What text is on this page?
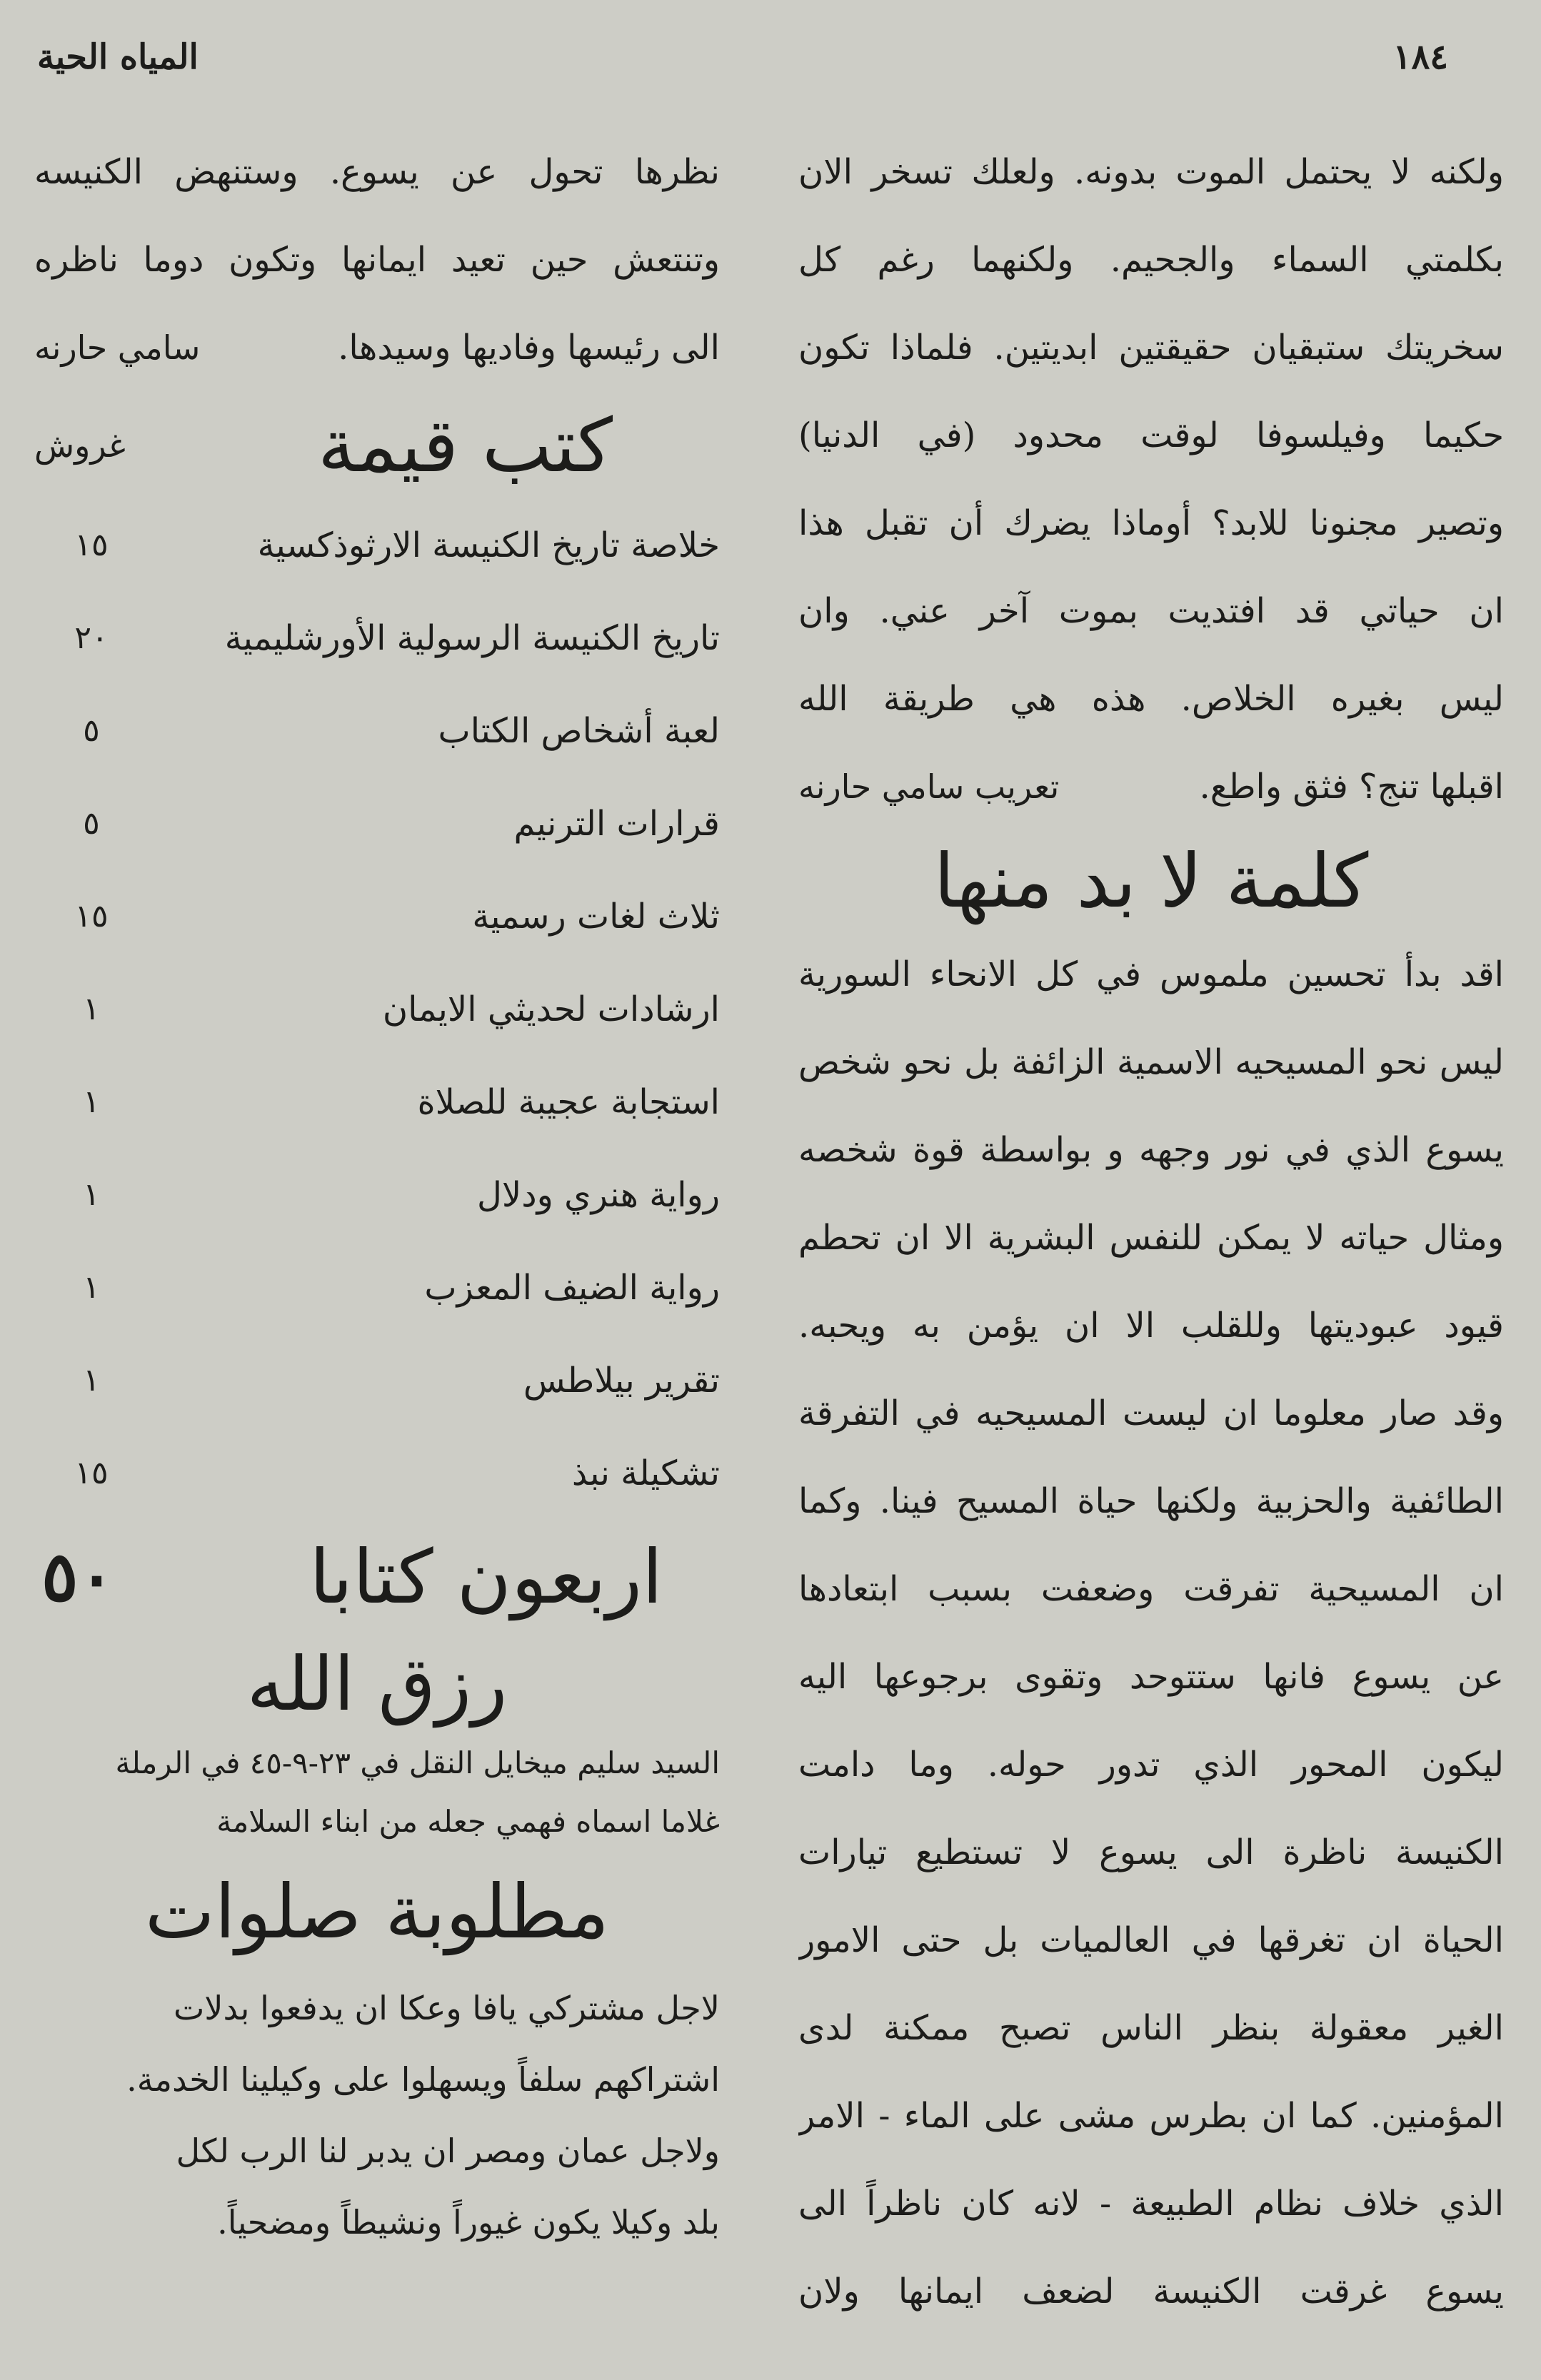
١٨٤
المياه الحية
ولكنه لا يحتمل الموت بدونه. ولعلك تسخر الان
بكلمتي السماء والجحيم. ولكنهما رغم كل
سخريتك ستبقيان حقيقتين ابديتين. فلماذا تكون
حكيما وفيلسوفا لوقت محدود (في الدنيا)
وتصير مجنونا للابد؟ أوماذا يضرك أن تقبل هذا
ان حياتي قد افتديت بموت آخر عني. وان
ليس بغيره الخلاص. هذه هي طريقة الله
اقبلها تنج؟ فثق واطع.
تعريب سامي حارنه
كلمة لا بد منها
اقد بدأ تحسين ملموس في كل الانحاء السورية
ليس نحو المسيحيه الاسمية الزائفة بل نحو شخص
يسوع الذي في نور وجهه و بواسطة قوة شخصه
ومثال حياته لا يمكن للنفس البشرية الا ان تحطم
قيود عبوديتها وللقلب الا ان يؤمن به ويحبه.
وقد صار معلوما ان ليست المسيحيه في التفرقة
الطائفية والحزبية ولكنها حياة المسيح فينا. وكما
ان المسيحية تفرقت وضعفت بسبب ابتعادها
عن يسوع فانها ستتوحد وتقوى برجوعها اليه
ليكون المحور الذي تدور حوله. وما دامت
الكنيسة ناظرة الى يسوع لا تستطيع تيارات
الحياة ان تغرقها في العالميات بل حتى الامور
الغير معقولة بنظر الناس تصبح ممكنة لدى
المؤمنين. كما ان بطرس مشى على الماء - الامر
الذي خلاف نظام الطبيعة - لانه كان ناظراً الى
يسوع غرقت الكنيسة لضعف ايمانها ولان
نظرها تحول عن يسوع. وستنهض الكنيسه
وتنتعش حين تعيد ايمانها وتكون دوما ناظره
الى رئيسها وفاديها وسيدها.
سامي حارنه
كتب قيمة
غروش
خلاصة تاريخ الكنيسة الارثوذكسية
١٥
تاريخ الكنيسة الرسولية الأورشليمية
٢٠
لعبة أشخاص الكتاب
٥
قرارات الترنيم
٥
ثلاث لغات رسمية
١٥
ارشادات لحديثي الايمان
١
استجابة عجيبة للصلاة
١
رواية هنري ودلال
١
رواية الضيف المعزب
١
تقرير بيلاطس
١
تشكيلة نبذ
١٥
اربعون كتابا
٥٠
رزق الله
السيد سليم ميخايل النقل في ٢٣-٩-٤٥ في الرملة
غلاما اسماه فهمي جعله من ابناء السلامة
مطلوبة صلوات
لاجل مشتركي يافا وعكا ان يدفعوا بدلات
اشتراكهم سلفاً ويسهلوا على وكيلينا الخدمة.
ولاجل عمان ومصر ان يدبر لنا الرب لكل
بلد وكيلا يكون غيوراً ونشيطاً ومضحياً.
